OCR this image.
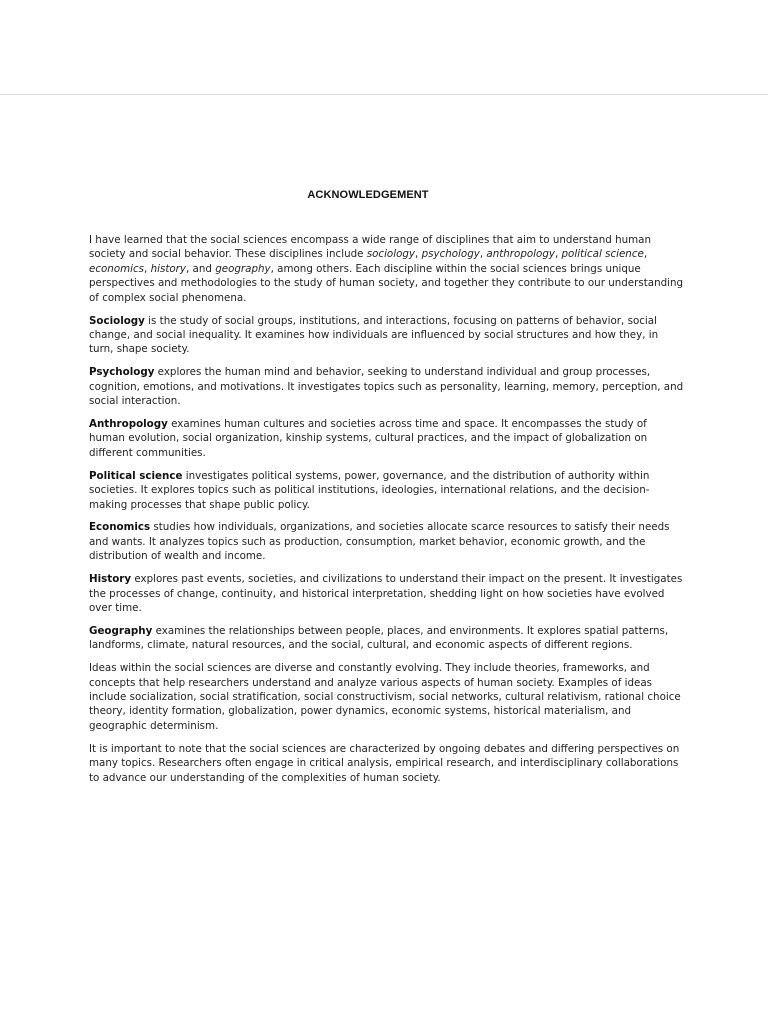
ACKNOWLEDGEMENT

I have learned that the social sciences encompass a wide range of disciplines that aim to understand human society and social behavior. These disciplines include sociology, psychology, anthropology, political science, economics, history, and geography, among others. Each discipline within the social sciences brings unique perspectives and methodologies to the study of human society, and together they contribute to our understanding of complex social phenomena.

Sociology is the study of social groups, institutions, and interactions, focusing on patterns of behavior, social change, and social inequality. It examines how individuals are influenced by social structures and how they, in turn, shape society.

Psychology explores the human mind and behavior, seeking to understand individual and group processes, cognition, emotions, and motivations. It investigates topics such as personality, learning, memory, perception, and social interaction.

Anthropology examines human cultures and societies across time and space. It encompasses the study of human evolution, social organization, kinship systems, cultural practices, and the impact of globalization on different communities.

Political science investigates political systems, power, governance, and the distribution of authority within societies. It explores topics such as political institutions, ideologies, international relations, and the decision-making processes that shape public policy.

Economics studies how individuals, organizations, and societies allocate scarce resources to satisfy their needs and wants. It analyzes topics such as production, consumption, market behavior, economic growth, and the distribution of wealth and income.

History explores past events, societies, and civilizations to understand their impact on the present. It investigates the processes of change, continuity, and historical interpretation, shedding light on how societies have evolved over time.

Geography examines the relationships between people, places, and environments. It explores spatial patterns, landforms, climate, natural resources, and the social, cultural, and economic aspects of different regions.

Ideas within the social sciences are diverse and constantly evolving. They include theories, frameworks, and concepts that help researchers understand and analyze various aspects of human society. Examples of ideas include socialization, social stratification, social constructivism, social networks, cultural relativism, rational choice theory, identity formation, globalization, power dynamics, economic systems, historical materialism, and geographic determinism.

It is important to note that the social sciences are characterized by ongoing debates and differing perspectives on many topics. Researchers often engage in critical analysis, empirical research, and interdisciplinary collaborations to advance our understanding of the complexities of human society.
